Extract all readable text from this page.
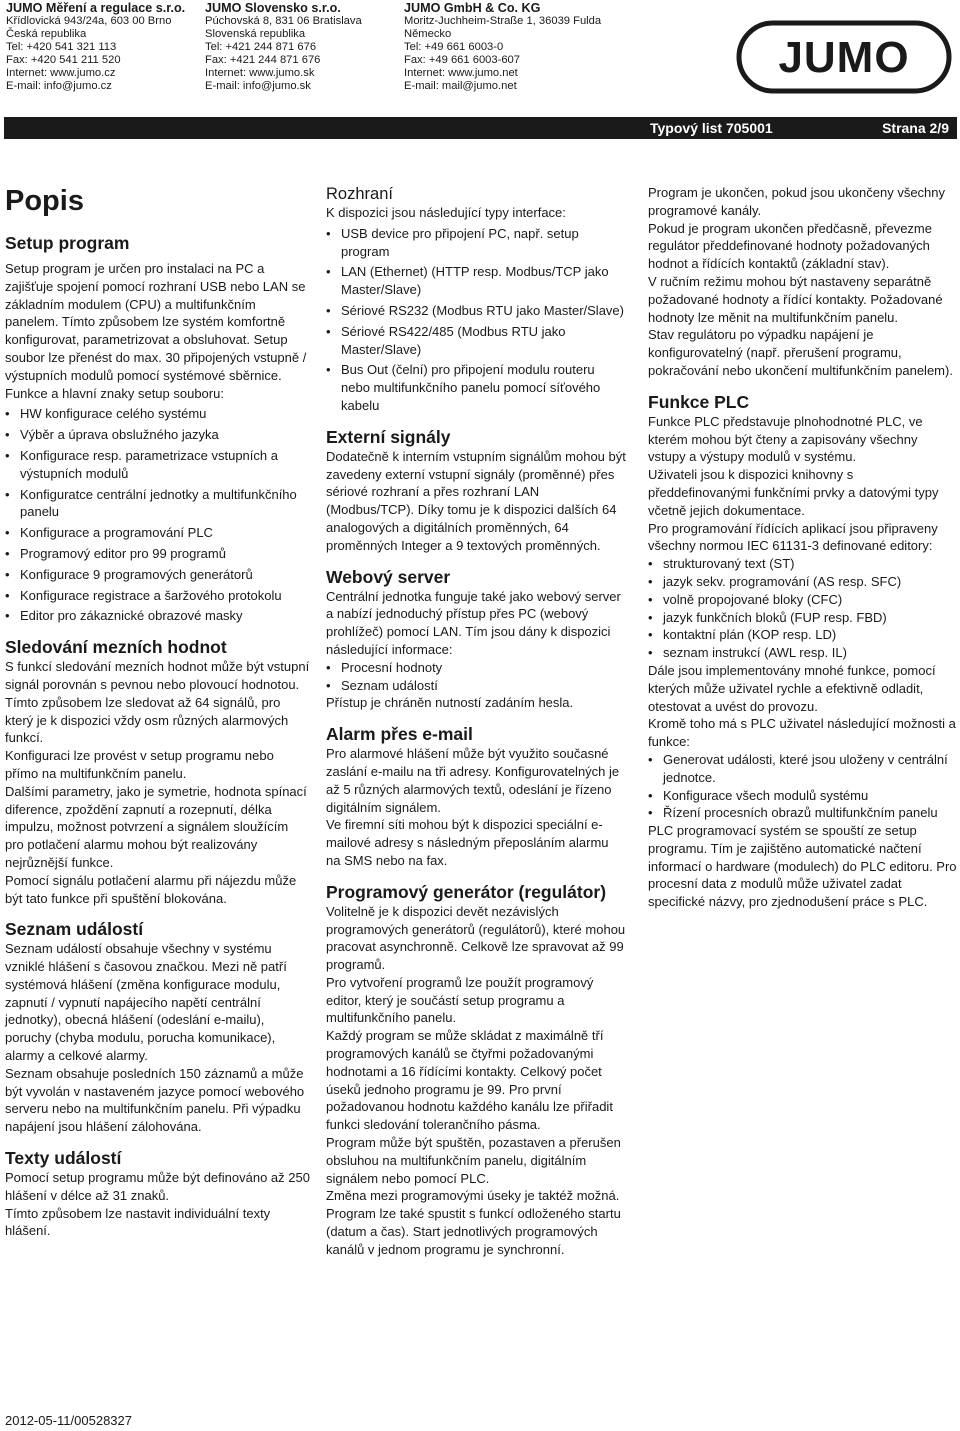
JUMO Měření a regulace s.r.o.
Křídlovická 943/24a, 603 00 Brno
Česká republika
Tel: +420 541 321 113
Fax: +420 541 211 520
Internet: www.jumo.cz
E-mail: info@jumo.cz
JUMO Slovensko s.r.o.
Púchovská 8, 831 06 Bratislava
Slovenská republika
Tel: +421 244 871 676
Fax: +421 244 871 676
Internet: www.jumo.sk
E-mail: info@jumo.sk
JUMO GmbH & Co. KG
Moritz-Juchheim-Straße 1, 36039 Fulda
Německo
Tel: +49 661 6003-0
Fax: +49 661 6003-607
Internet: www.jumo.net
E-mail: mail@jumo.net
JUMO
Typový list 705001	Strana 2/9
Popis
Setup program

Setup program je určen pro instalaci na PC a zajišťuje spojení pomocí rozhraní USB nebo LAN se základním modulem (CPU) a multifunkčním panelem. Tímto způsobem lze systém komfortně konfigurovat, parametrizovat a obsluhovat. Setup soubor lze přenést do max. 30 připojených vstupně / výstupních modulů pomocí systémové sběrnice.

Funkce a hlavní znaky setup souboru:

• HW konfigurace celého systému
• Výběr a úprava obslužného jazyka
• Konfigurace resp. parametrizace vstupních a výstupních modulů
• Konfiguratce centrální jednotky a multifunkčního panelu
• Konfigurace a programování PLC
• Programový editor pro 99 programů
• Konfigurace 9 programových generátorů
• Konfigurace registrace a šaržového protokolu
• Editor pro zákaznické obrazové masky
Sledování mezních hodnot

S funkcí sledování mezních hodnot může být vstupní signál porovnán s pevnou nebo plovoucí hodnotou. Tímto způsobem lze sledovat až 64 signálů, pro který je k dispozici vždy osm různých alarmových funkcí.

Konfiguraci lze provést v setup programu nebo přímo na multifunkčním panelu.

Dalšími parametry, jako je symetrie, hodnota spínací diference, zpoždění zapnutí a rozepnutí, délka impulzu, možnost potvrzení a signálem sloužícím pro potlačení alarmu mohou být realizovány nejrůznější funkce.

Pomocí signálu potlačení alarmu při nájezdu může být tato funkce při spuštění blokována.

Seznam událostí

Seznam událostí obsahuje všechny v systému vzniklé hlášení s časovou značkou. Mezi ně patří systémová hlášení (změna konfigurace modulu, zapnutí / vypnutí napájecího napětí centrální jednotky), obecná hlášení (odeslání e-mailu), poruchy (chyba modulu, porucha komunikace), alarmy a celkové alarmy.

Seznam obsahuje posledních 150 záznamů a může být vyvolán v nastaveném jazyce pomocí webového serveru nebo na multifunkčním panelu. Při výpadku napájení jsou hlášení zálohována.

Texty událostí

Pomocí setup programu může být definováno až 250 hlášení v délce až 31 znaků.

Tímto způsobem lze nastavit individuální texty hlášení.

Rozhraní

K dispozici jsou následující typy interface:

• USB device pro připojení PC, např. setup program
• LAN (Ethernet) (HTTP resp. Modbus/TCP jako Master/Slave)
• Sériové RS232 (Modbus RTU jako Master/Slave)
• Sériové RS422/485 (Modbus RTU jako Master/Slave)
• Bus Out (čelní) pro připojení modulu routeru nebo multifunkčního panelu pomocí síťového kabelu
Externí signály

Dodatečně k interním vstupním signálům mohou být zavedeny externí vstupní signály (proměnné) přes sériové rozhraní a přes rozhraní LAN (Modbus/TCP). Díky tomu je k dispozici dalších 64 analogových a digitálních proměnných, 64 proměnných Integer a 9 textových proměnných.

Webový server

Centrální jednotka funguje také jako webový server a nabízí jednoduchý přístup přes PC (webový prohlížeč) pomocí LAN. Tím jsou dány k dispozici následující informace:

• Procesní hodnoty
• Seznam událostí

Přístup je chráněn nutností zadáním hesla.

Alarm přes e-mail

Pro alarmové hlášení může být využito současné zaslání e-mailu na tři adresy. Konfigurovatelných je až 5 různých alarmových textů, odeslání je řízeno digitálním signálem.

Ve firemní síti mohou být k dispozici speciální e-mailové adresy s následným přeposláním alarmu na SMS nebo na fax.

Programový generátor (regulátor)

Volitelně je k dispozici devět nezávislých programových generátorů (regulátorů), které mohou pracovat asynchronně. Celkově lze spravovat až 99 programů.

Pro vytvoření programů lze použít programový editor, který je součástí setup programu a multifunkčního panelu.

Každý program se může skládat z maximálně tří programových kanálů se čtyřmi požadovanými hodnotami a 16 řídícími kontakty. Celkový počet úseků jednoho programu je 99. Pro první požadovanou hodnotu každého kanálu lze přiřadit funkci sledování tolerančního pásma.

Program může být spuštěn, pozastaven a přerušen obsluhou na multifunkčním panelu, digitálním signálem nebo pomocí PLC.

Změna mezi programovými úseky je taktéž možná. Program lze také spustit s funkcí odloženého startu (datum a čas). Start jednotlivých programových kanálů v jednom programu je synchronní.

Program je ukončen, pokud jsou ukončeny všechny programové kanály.

Pokud je program ukončen předčasně, převezme regulátor předdefinované hodnoty požadovaných hodnot a řídících kontaktů (základní stav).

V ručním režimu mohou být nastaveny separátně požadované hodnoty a řídící kontakty. Požadované hodnoty lze měnit na multifunkčním panelu.

Stav regulátoru po výpadku napájení je konfigurovatelný (např. přerušení programu, pokračování nebo ukončení multifunkčním panelem).

Funkce PLC

Funkce PLC představuje plnohodnotné PLC, ve kterém mohou být čteny a zapisovány všechny vstupy a výstupy modulů v systému.

Uživateli jsou k dispozici knihovny s předdefinovanými funkčními prvky a datovými typy včetně jejich dokumentace.

Pro programování řídících aplikací jsou připraveny všechny normou IEC 61131-3 definované editory:

• strukturovaný text (ST)
• jazyk sekv. programování (AS resp. SFC)
• volně propojované bloky (CFC)
• jazyk funkčních bloků (FUP resp. FBD)
• kontaktní plán (KOP resp. LD)
• seznam instrukcí (AWL resp. IL)

Dále jsou implementovány mnohé funkce, pomocí kterých může uživatel rychle a efektivně odladit, otestovat a uvést do provozu.

Kromě toho má s PLC uživatel následující možnosti a funkce:

• Generovat události, které jsou uloženy v centrální jednotce.
• Konfigurace všech modulů systému
• Řízení procesních obrazů multifunkčním panelu

PLC programovací systém se spouští ze setup programu. Tím je zajištěno automatické načtení informací o hardware (modulech) do PLC editoru. Pro procesní data z modulů může uživatel zadat specifické názvy, pro zjednodušení práce s PLC.

2012-05-11/00528327
